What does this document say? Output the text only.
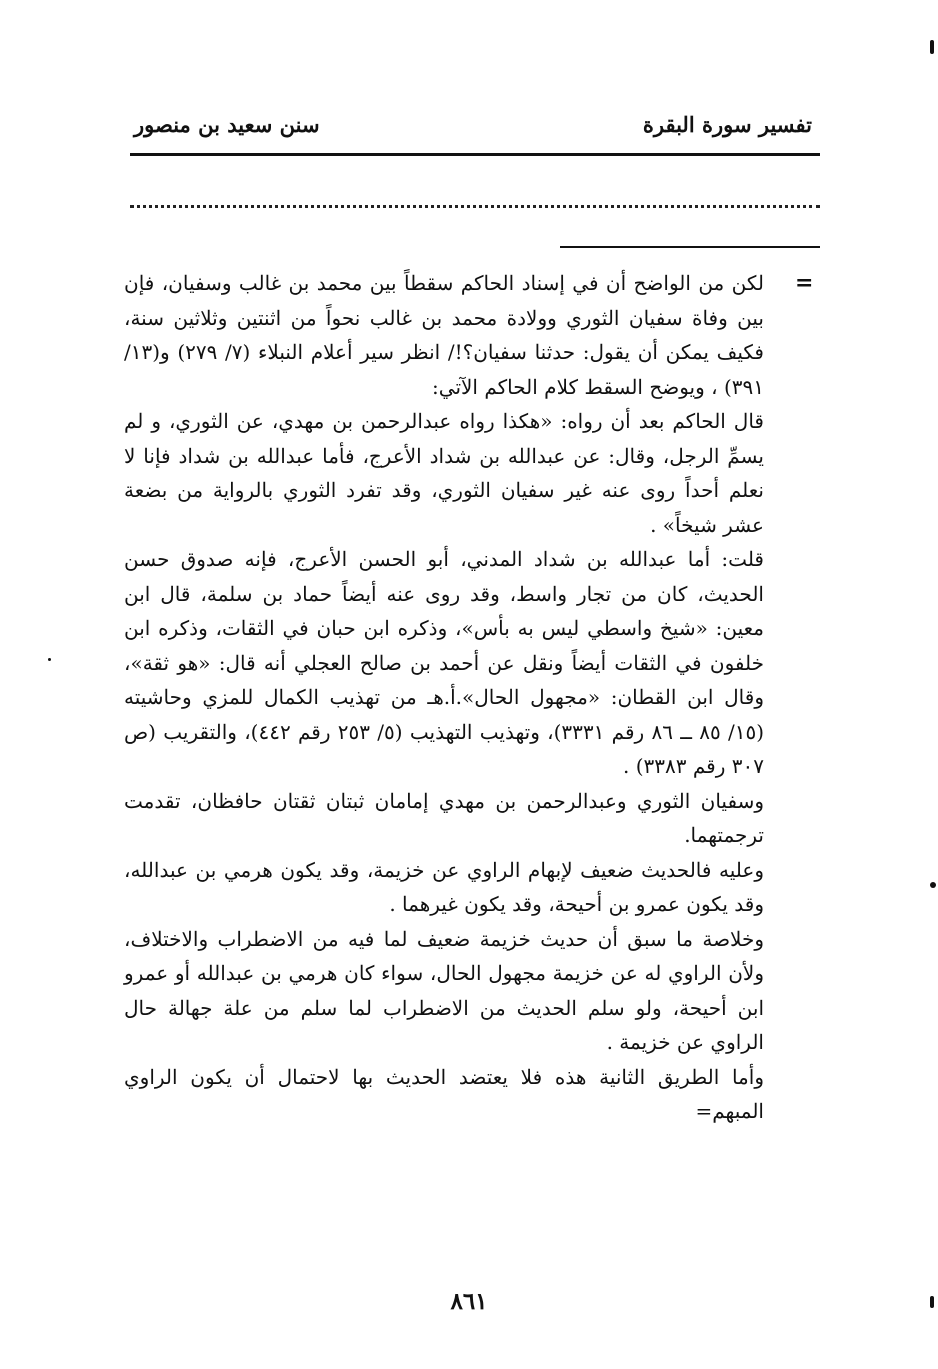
تفسير سورة البقرة
سنن سعيد بن منصور
=

لكن من الواضح أن في إسناد الحاكم سقطاً بين محمد بن غالب وسفيان، فإن بين وفاة سفيان الثوري وولادة محمد بن غالب نحواً من اثنتين وثلاثين سنة، فكيف يمكن أن يقول: حدثنا سفيان؟!/ انظر سير أعلام النبلاء (٧/ ٢٧٩) و(١٣/ ٣٩١) ، ويوضح السقط كلام الحاكم الآتي:

قال الحاكم بعد أن رواه: «هكذا رواه عبدالرحمن بن مهدي، عن الثوري، و لم يسمِّ الرجل، وقال: عن عبدالله بن شداد الأعرج، فأما عبدالله بن شداد فإنا لا نعلم أحداً روى عنه غير سفيان الثوري، وقد تفرد الثوري بالرواية من بضعة عشر شيخاً» .

قلت: أما عبدالله بن شداد المدني، أبو الحسن الأعرج، فإنه صدوق حسن الحديث، كان من تجار واسط، وقد روى عنه أيضاً حماد بن سلمة، قال ابن معين: «شيخ واسطي ليس به بأس»، وذكره ابن حبان في الثقات، وذكره ابن خلفون في الثقات أيضاً ونقل عن أحمد بن صالح العجلي أنه قال: «هو ثقة»، وقال ابن القطان: «مجهول الحال».أ.هـ من تهذيب الكمال للمزي وحاشيته (١٥/ ٨٥ ــ ٨٦ رقم ٣٣٣١)، وتهذيب التهذيب (٥/ ٢٥٣ رقم ٤٤٢)، والتقريب (ص ٣٠٧ رقم ٣٣٨٣) .

وسفيان الثوري وعبدالرحمن بن مهدي إمامان ثبتان ثقتان حافظان، تقدمت ترجمتهما.

وعليه فالحديث ضعيف لإبهام الراوي عن خزيمة، وقد يكون هرمي بن عبدالله، وقد يكون عمرو بن أحيحة، وقد يكون غيرهما .

وخلاصة ما سبق أن حديث خزيمة ضعيف لما فيه من الاضطراب والاختلاف، ولأن الراوي له عن خزيمة مجهول الحال، سواء كان هرمي بن عبدالله أو عمرو ابن أحيحة، ولو سلم الحديث من الاضطراب لما سلم من علة جهالة حال الراوي عن خزيمة .

وأما الطريق الثانية هذه فلا يعتضد الحديث بها لاحتمال أن يكون الراوي المبهم=

٨٦١
